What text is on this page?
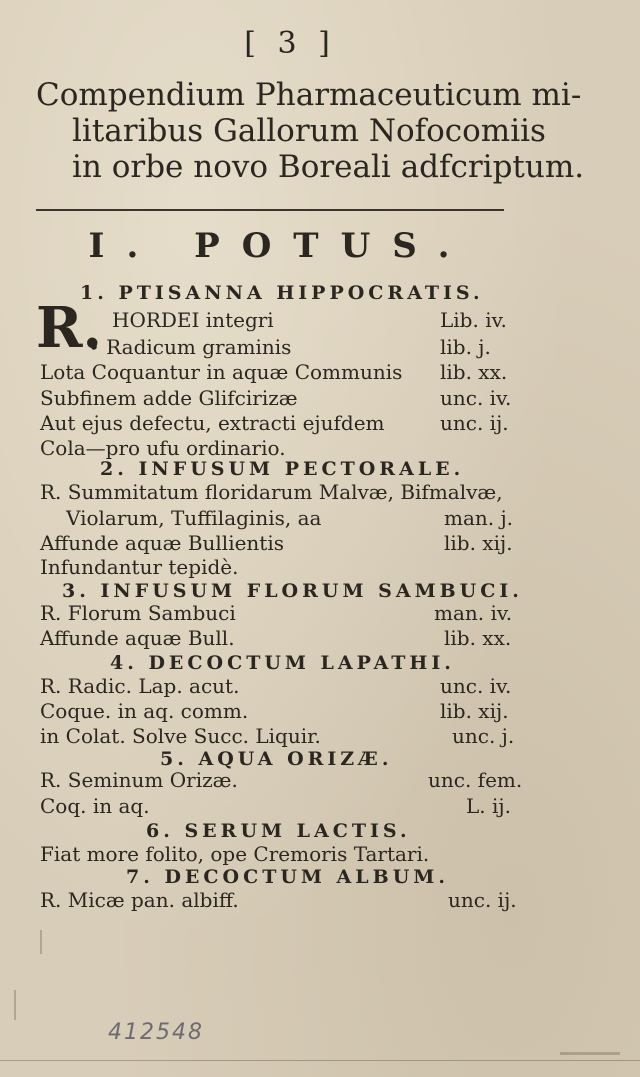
[ 3 ]
Compendium Pharmaceuticum mi-
litaribus Gallorum Nofocomiis
in orbe novo Boreali adfcriptum.
I. POTUS.
1. PTISANNA HIPPOCRATIS.
R. HORDEI integri	Lib. iv.
• Radicum graminis	lib. j.
Lota Coquantur in aquæ Communis lib. xx.
Subfinem adde Glifcirizæ	unc. iv.
Aut ejus defectu, extracti ejufdem	unc. ij.
Cola—pro ufu ordinario.
2. INFUSUM PECTORALE.
R. Summitatum floridarum Malvæ, Bifmalvæ,
Violarum, Tuffilaginis, aa	man. j.
Affunde aquæ Bullientis	lib. xij.
Infundantur tepidè.
3. INFUSUM FLORUM SAMBUCI.
R. Florum Sambuci	man. iv.
Affunde aquæ Bull.	lib. xx.
4. DECOCTUM LAPATHI.
R. Radic. Lap. acut.	unc. iv.
Coque. in aq. comm.	lib. xij.
in Colat. Solve Succ. Liquir.	unc. j.
5. AQUA ORIZÆ.
R. Seminum Orizæ.	unc. fem.
Coq. in aq.	L. ij.
6. SERUM LACTIS.
Fiat more folito, ope Cremoris Tartari.
7. DECOCTUM ALBUM.
R. Micæ pan. albiff.	unc. ij.
412548
